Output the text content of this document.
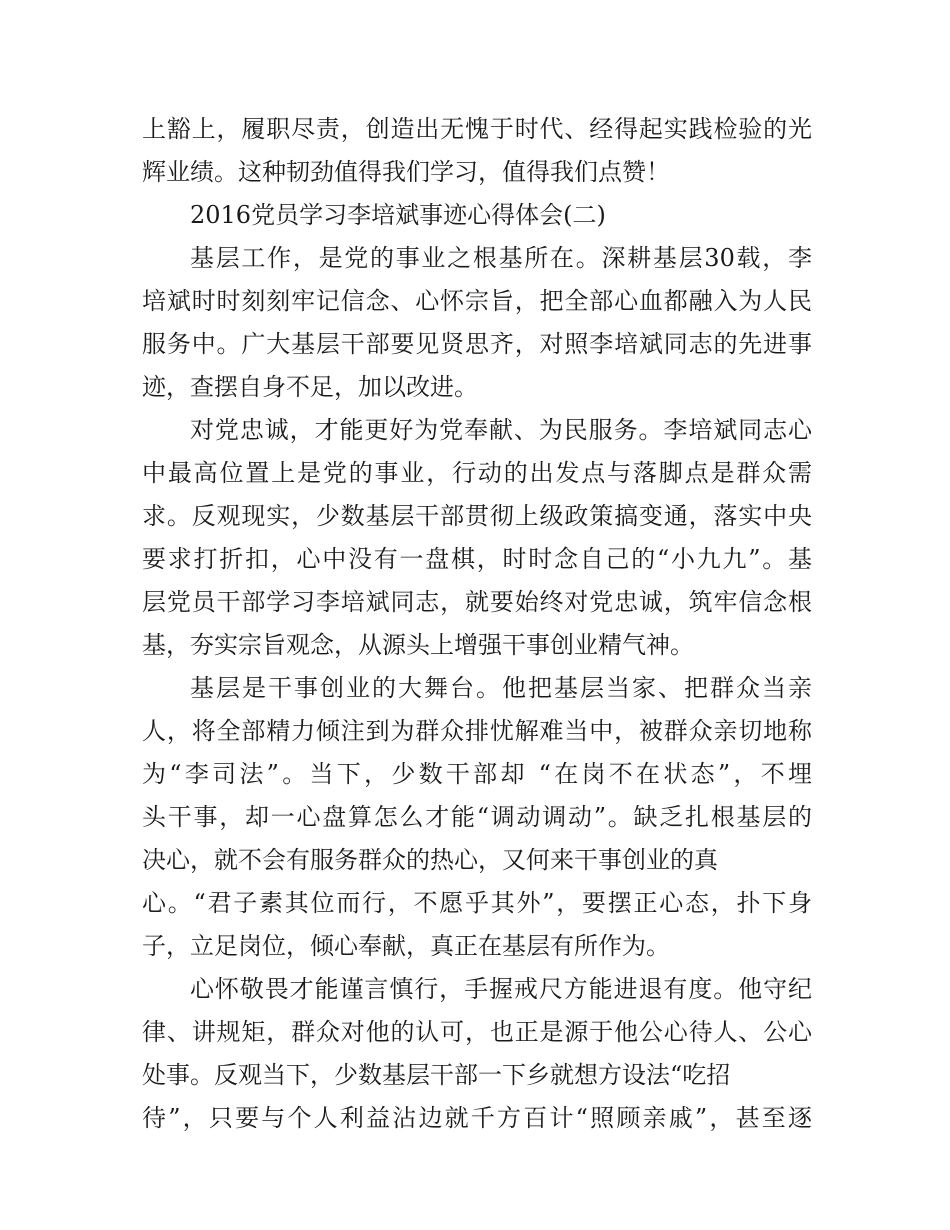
上豁上，履职尽责，创造出无愧于时代、经得起实践检验的光
辉业绩。这种韧劲值得我们学习，值得我们点赞！
2016党员学习李培斌事迹心得体会(二)
基层工作，是党的事业之根基所在。深耕基层30载，李
培斌时时刻刻牢记信念、心怀宗旨，把全部心血都融入为人民
服务中。广大基层干部要见贤思齐，对照李培斌同志的先进事
迹，查摆自身不足，加以改进。
对党忠诚，才能更好为党奉献、为民服务。李培斌同志心
中最高位置上是党的事业，行动的出发点与落脚点是群众需
求。反观现实，少数基层干部贯彻上级政策搞变通，落实中央
要求打折扣，心中没有一盘棋，时时念自己的“小九九”。基
层党员干部学习李培斌同志，就要始终对党忠诚，筑牢信念根
基，夯实宗旨观念，从源头上增强干事创业精气神。
基层是干事创业的大舞台。他把基层当家、把群众当亲
人，将全部精力倾注到为群众排忧解难当中，被群众亲切地称
为“李司法”。当下，少数干部却 “在岗不在状态”，不埋
头干事，却一心盘算怎么才能“调动调动”。缺乏扎根基层的
决心，就不会有服务群众的热心，又何来干事创业的真
心。“君子素其位而行，不愿乎其外”，要摆正心态，扑下身
子，立足岗位，倾心奉献，真正在基层有所作为。
心怀敬畏才能谨言慎行，手握戒尺方能进退有度。他守纪
律、讲规矩，群众对他的认可，也正是源于他公心待人、公心
处事。反观当下，少数基层干部一下乡就想方设法“吃招
待”，只要与个人利益沾边就千方百计“照顾亲戚”，甚至逐
